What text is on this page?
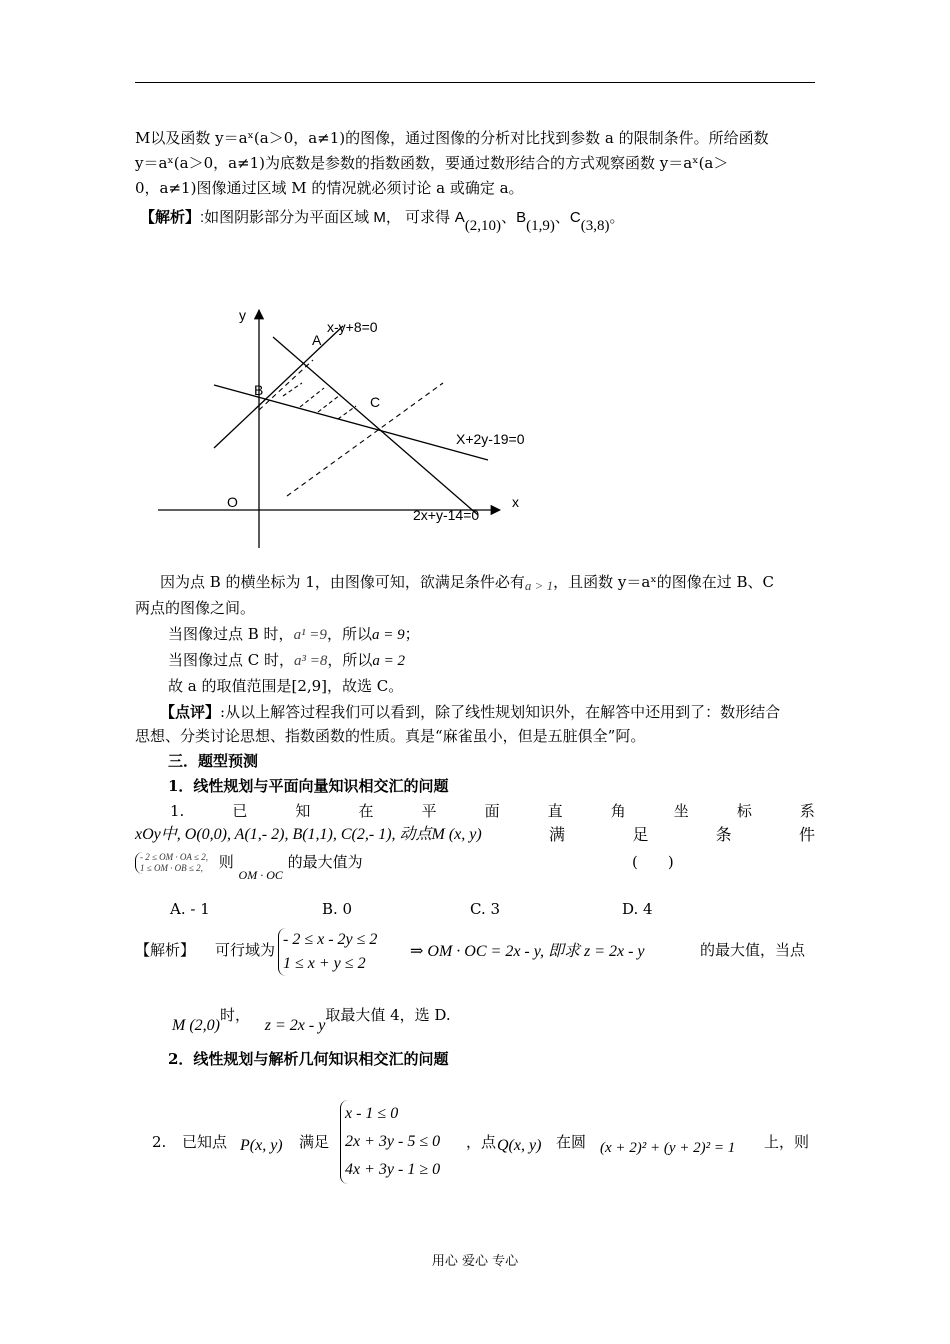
M以及函数 y＝aˣ(a＞0，a≠1)的图像，通过图像的分析对比找到参数 a 的限制条件。所给函数
y＝aˣ(a＞0，a≠1)为底数是参数的指数函数，要通过数形结合的方式观察函数 y＝aˣ(a＞
0，a≠1)图像通过区域 M 的情况就必须讨论 a 或确定 a。
【解析】:如图阴影部分为平面区域 M， 可求得 A(2,10)、B(1,9)、C(3,8)。
y
x
O
x-y+8=0
X+2y-19=0
2x+y-14=0
A
B
C
因为点 B 的横坐标为 1，由图像可知，欲满足条件必有a > 1，且函数 y＝aˣ的图像在过 B、C
两点的图像之间。
当图像过点 B 时，a¹ =9，所以a = 9；
当图像过点 C 时，a³ =8，所以a = 2
故 a 的取值范围是[2,9]，故选 C。
【点评】:从以上解答过程我们可以看到，除了线性规划知识外，在解答中还用到了：数形结合
思想、分类讨论思想、指数函数的性质。真是“麻雀虽小，但是五脏俱全”阿。
三．题型预测
1．线性规划与平面向量知识相交汇的问题
1.	已	知	在	平	面	直	角	坐	标	系
xOy中, O(0,0), A(1,- 2), B(1,1), C(2,- 1), 动点M (x, y)	满	足	条	件
- 2 ≤ OM · OA ≤ 2,
1 ≤ OM · OB ≤ 2, 则 $_{OM \cdot OC}$ 的最大值为	(　　)
A. - 1	B. 0	C. 3	D. 4
【解析】 可行域为
- 2 ≤ x - 2y ≤ 2
1 ≤ x + y ≤ 2
⇒ OM · OC = 2x - y, 即求 z = 2x - y	的最大值，当点
M (2,0)时， z = 2x - y取最大值 4，选 D.
2．线性规划与解析几何知识相交汇的问题
2. 已知点 P(x, y) 满足
x - 1 ≤ 0
2x + 3y - 5 ≤ 0
4x + 3y - 1 ≥ 0
，点 Q(x, y) 在圆 (x + 2)² + (y + 2)² = 1 上，则
用心 爱心 专心
